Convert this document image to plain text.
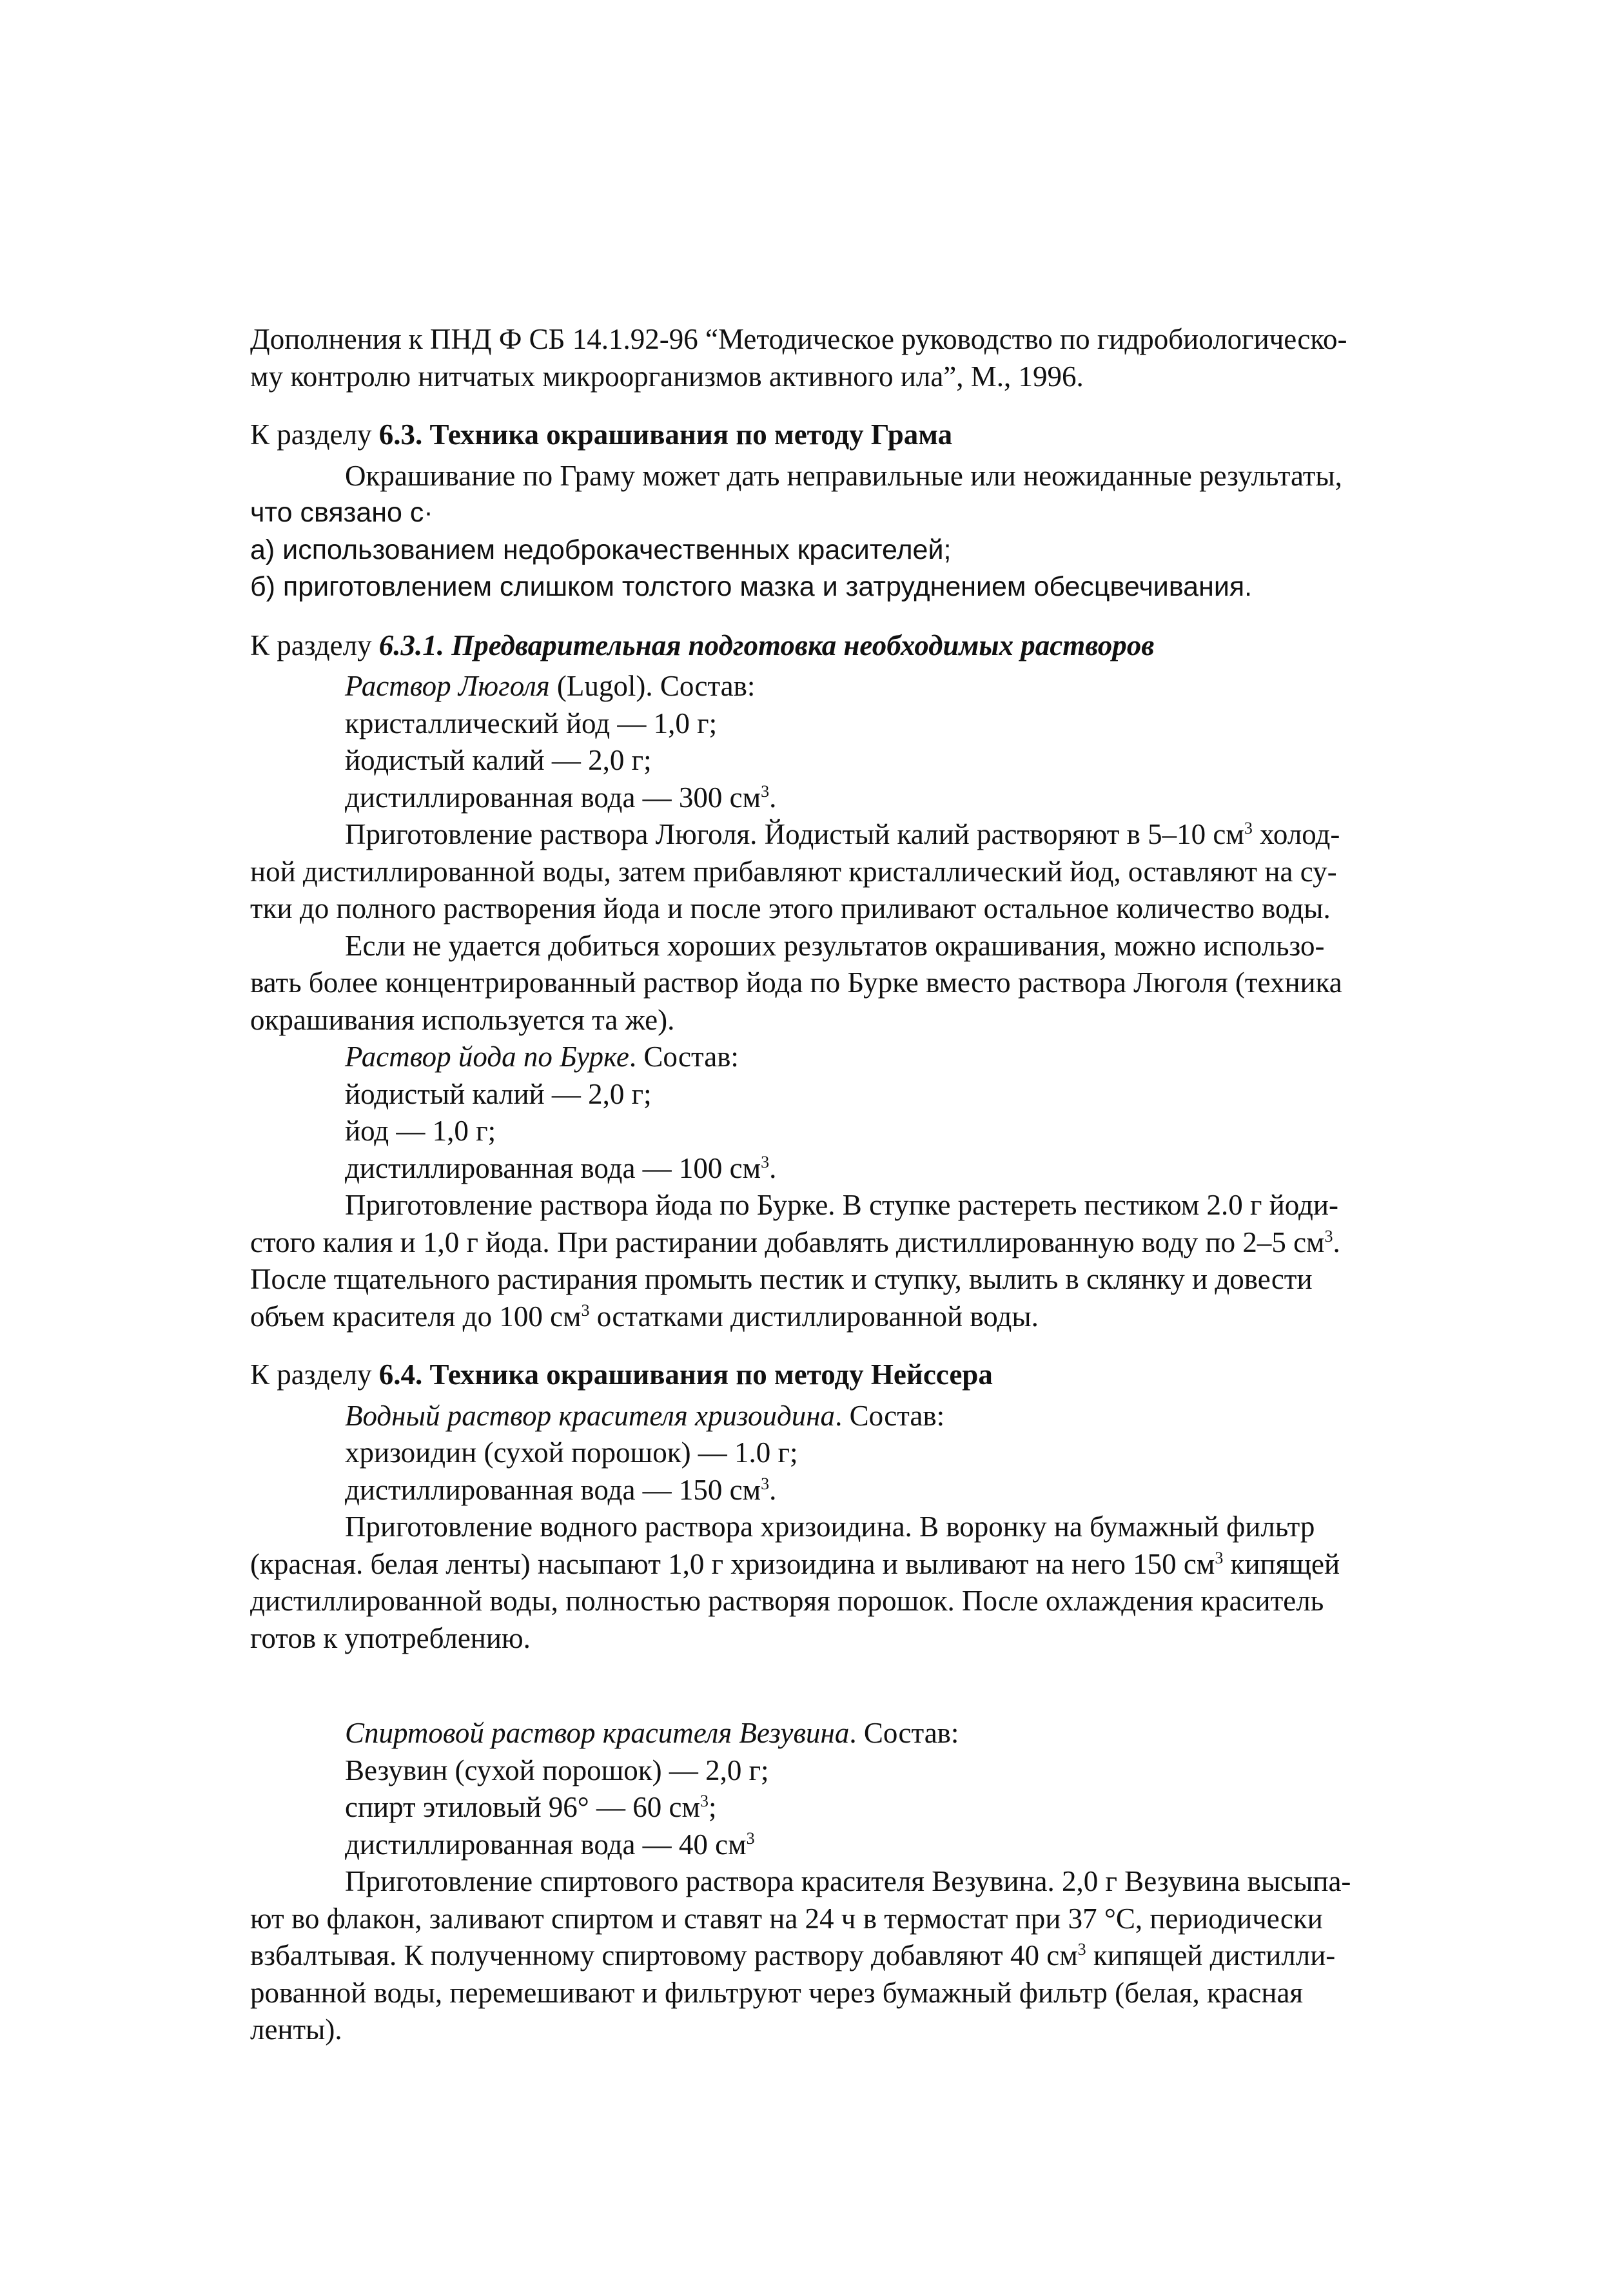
Дополнения к ПНД Ф СБ 14.1.92-96 “Методическое руководство по гидробиологическо-
му контролю нитчатых микроорганизмов активного ила”, М., 1996.
К разделу 6.3. Техника окрашивания по методу Грама
Окрашивание по Граму может дать неправильные или неожиданные результаты,
что связано с·
а) использованием недоброкачественных красителей;
б) приготовлением слишком толстого мазка и затруднением обесцвечивания.
К разделу 6.3.1. Предварительная подготовка необходимых растворов
Раствор Люголя (Lugol). Состав:
кристаллический йод — 1,0 г;
йодистый калий — 2,0 г;
дистиллированная вода — 300 $см^3$.
Приготовление раствора Люголя. Йодистый калий растворяют в 5–10 $см^3$ холод-
ной дистиллированной воды, затем прибавляют кристаллический йод, оставляют на су-
тки до полного растворения йода и после этого приливают остальное количество воды.
Если не удается добиться хороших результатов окрашивания, можно использо-
вать более концентрированный раствор йода по Бурке вместо раствора Люголя (техника
окрашивания используется та же).
Раствор йода по Бурке. Состав:
йодистый калий — 2,0 г;
йод — 1,0 г;
дистиллированная вода — 100 $см^3$.
Приготовление раствора йода по Бурке. В ступке растереть пестиком 2.0 г йоди-
стого калия и 1,0 г йода. При растирании добавлять дистиллированную воду по 2–5 $см^3$.
После тщательного растирания промыть пестик и ступку, вылить в склянку и довести
объем красителя до 100 $см^3$ остатками дистиллированной воды.
К разделу 6.4. Техника окрашивания по методу Нейссера
Водный раствор красителя хризоидина. Состав:
хризоидин (сухой порошок) — 1.0 г;
дистиллированная вода — 150 $см^3$.
Приготовление водного раствора хризоидина. В воронку на бумажный фильтр
(красная. белая ленты) насыпают 1,0 г хризоидина и выливают на него 150 $см^3$ кипящей
дистиллированной воды, полностью растворяя порошок. После охлаждения краситель
готов к употреблению.
Спиртовой раствор красителя Везувина. Состав:
Везувин (сухой порошок) — 2,0 г;
спирт этиловый 96° — 60 $см^3$;
дистиллированная вода — 40 $см^3$
Приготовление спиртового раствора красителя Везувина. 2,0 г Везувина высыпа-
ют во флакон, заливают спиртом и ставят на 24 ч в термостат при 37 °С, периодически
взбалтывая. К полученному спиртовому раствору добавляют 40 $см^3$ кипящей дистилли-
рованной воды, перемешивают и фильтруют через бумажный фильтр (белая, красная
ленты).
